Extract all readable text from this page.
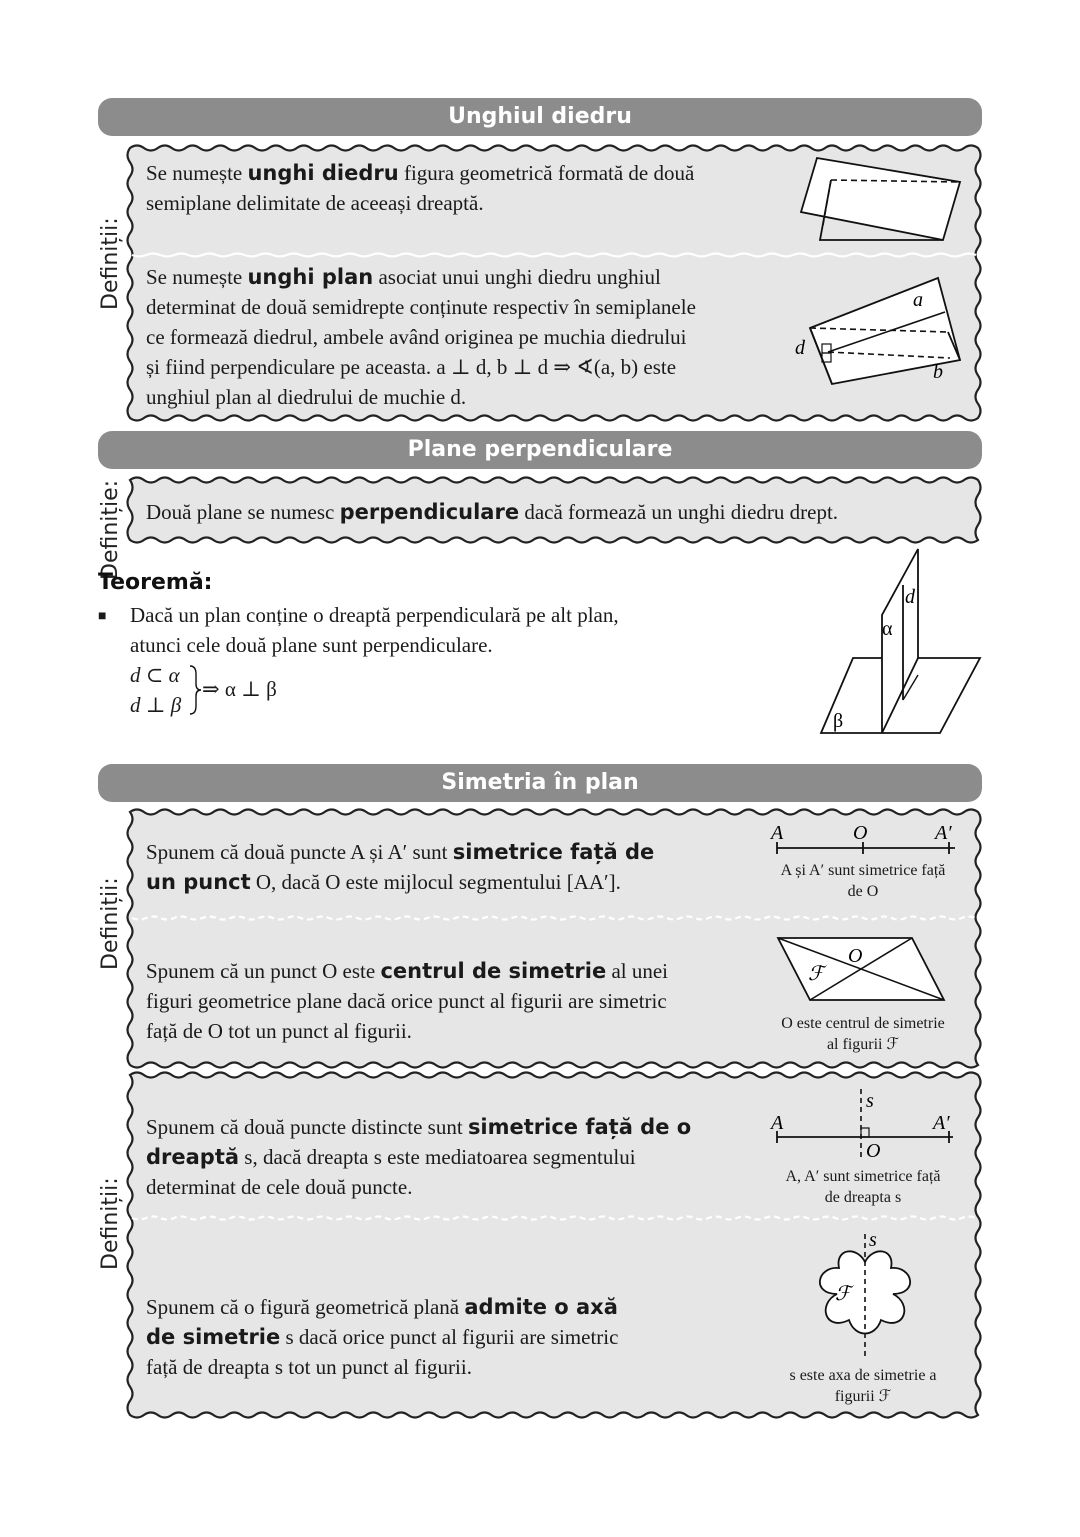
Unghiul diedru
Plane perpendiculare
Simetria în plan
Definiții:
Definiție:
Definiții:
Definiții:
Se numește unghi diedru figura geometrică formată de două
semiplane delimitate de aceeași dreaptă.
Se numește unghi plan asociat unui unghi diedru unghiul
determinat de două semidrepte conținute respectiv în semiplanele
ce formează diedrul, ambele având originea pe muchia diedrului
și fiind perpendiculare pe aceasta. a ⊥ d, b ⊥ d ⇒ ∢(a, b) este
unghiul plan al diedrului de muchie d.
a
b
d
Două plane se numesc perpendiculare dacă formează un unghi diedru drept.
Teoremă:
■ Dacă un plan conține o dreaptă perpendiculară pe alt plan,
atunci cele două plane sunt perpendiculare.
d ⊂ α
d ⊥ β
⇒ α ⊥ β
α
d
β
Spunem că două puncte A și A′ sunt simetrice față de
un punct O, dacă O este mijlocul segmentului [AA′].
A	O	A′
A și A′ sunt simetrice față
de O
Spunem că un punct O este centrul de simetrie al unei
figuri geometrice plane dacă orice punct al figurii are simetric
față de O tot un punct al figurii.
O
ℱ
O este centrul de simetrie
al figurii ℱ
Spunem că două puncte distincte sunt simetrice față de o
dreaptă s, dacă dreapta s este mediatoarea segmentului
determinat de cele două puncte.
A	A′
O
s
A, A′ sunt simetrice față
de dreapta s
Spunem că o figură geometrică plană admite o axă
de simetrie s dacă orice punct al figurii are simetric
față de dreapta s tot un punct al figurii.
s
ℱ
s este axa de simetrie a
figurii ℱ
